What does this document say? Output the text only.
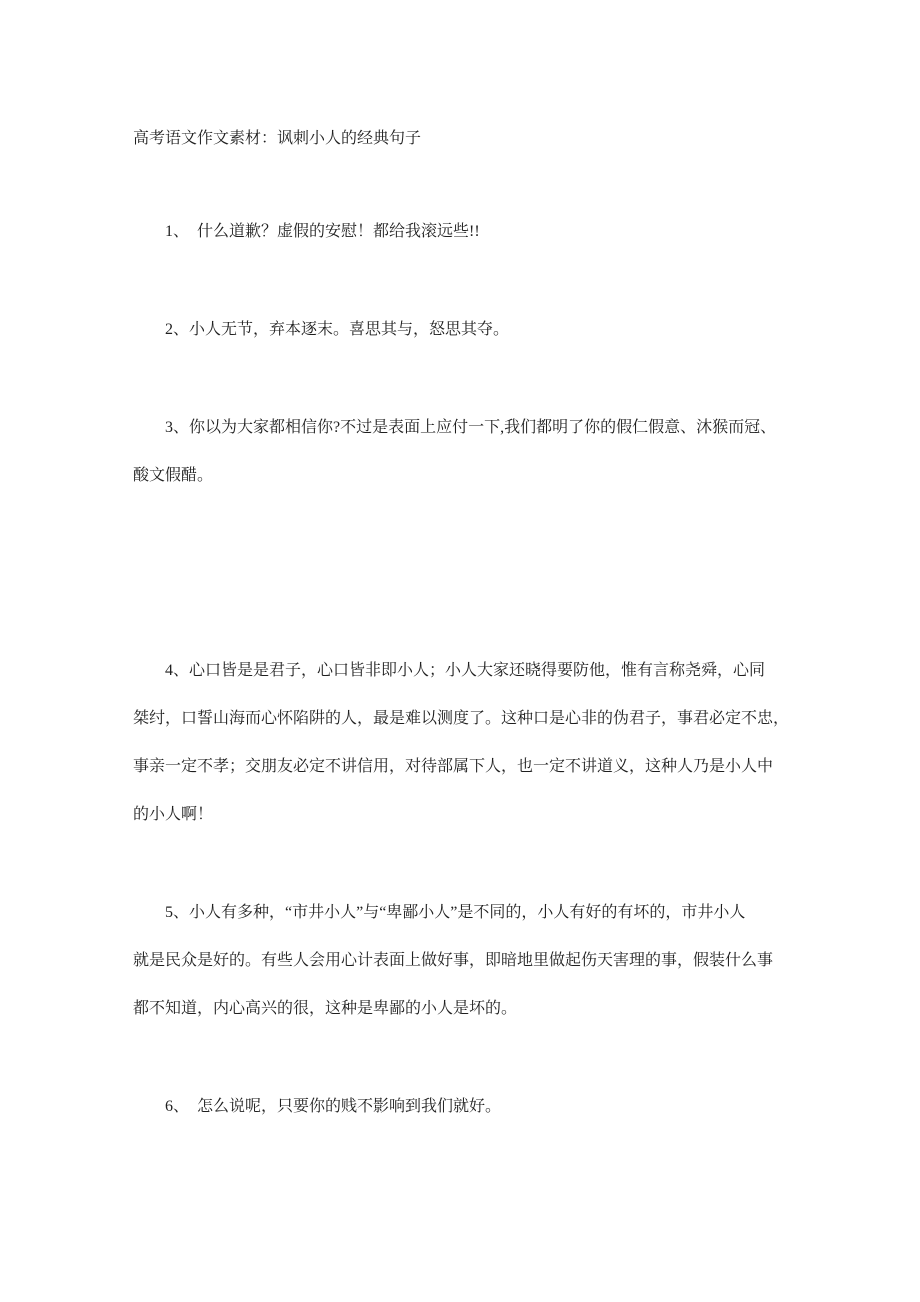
高考语文作文素材：讽刺小人的经典句子

1、　什么道歉？虚假的安慰！都给我滚远些!!
2、小人无节，弃本逐末。喜思其与，怒思其夺。
3、你以为大家都相信你?不过是表面上应付一下,我们都明了你的假仁假意、沐猴而冠、
酸文假醋。
4、心口皆是是君子，心口皆非即小人；小人大家还晓得要防他，惟有言称尧舜，心同
桀纣，口誓山海而心怀陷阱的人，最是难以测度了。这种口是心非的伪君子，事君必定不忠，
事亲一定不孝；交朋友必定不讲信用，对待部属下人，也一定不讲道义，这种人乃是小人中
的小人啊！
5、小人有多种，“市井小人”与“卑鄙小人”是不同的，小人有好的有坏的，市井小人
就是民众是好的。有些人会用心计表面上做好事，即暗地里做起伤天害理的事，假装什么事
都不知道，内心高兴的很，这种是卑鄙的小人是坏的。
6、　怎么说呢，只要你的贱不影响到我们就好。
